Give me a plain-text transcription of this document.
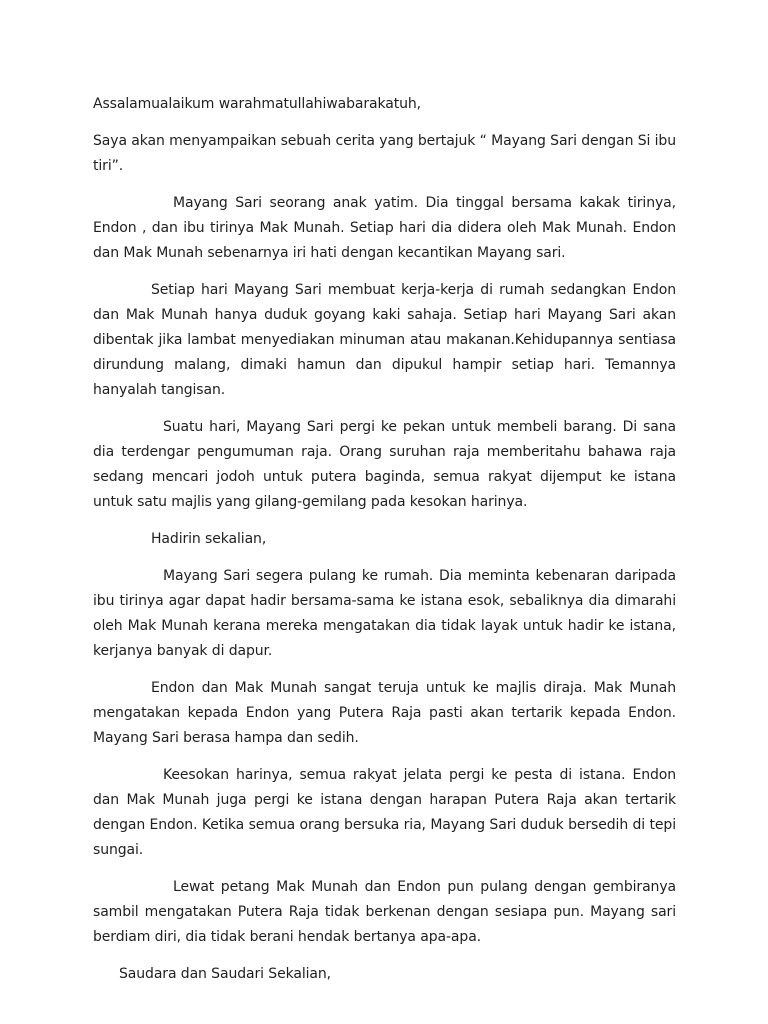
Assalamualaikum warahmatullahiwabarakatuh,

Saya akan menyampaikan sebuah cerita yang bertajuk “ Mayang Sari dengan Si ibu tiri”.

Mayang Sari seorang anak yatim. Dia tinggal bersama kakak tirinya, Endon , dan ibu tirinya Mak Munah. Setiap hari dia didera oleh Mak Munah. Endon dan Mak Munah sebenarnya iri hati dengan kecantikan Mayang sari.

Setiap hari Mayang Sari membuat kerja-kerja di rumah sedangkan Endon dan Mak Munah hanya duduk goyang kaki sahaja. Setiap hari Mayang Sari akan dibentak jika lambat menyediakan minuman atau makanan.Kehidupannya sentiasa dirundung malang, dimaki hamun dan dipukul hampir setiap hari. Temannya hanyalah tangisan.

Suatu hari, Mayang Sari pergi ke pekan untuk membeli barang. Di sana dia terdengar pengumuman raja. Orang suruhan raja memberitahu bahawa raja sedang mencari jodoh untuk putera baginda, semua rakyat dijemput ke istana untuk satu majlis yang gilang-gemilang pada kesokan harinya.

Hadirin sekalian,

Mayang Sari segera pulang ke rumah. Dia meminta kebenaran daripada ibu tirinya agar dapat hadir bersama-sama ke istana esok, sebaliknya dia dimarahi oleh Mak Munah kerana mereka mengatakan dia tidak layak untuk hadir ke istana, kerjanya banyak di dapur.

Endon dan Mak Munah sangat teruja untuk ke majlis diraja. Mak Munah mengatakan kepada Endon yang Putera Raja pasti akan tertarik kepada Endon. Mayang Sari berasa hampa dan sedih.

Keesokan harinya, semua rakyat jelata pergi ke pesta di istana. Endon dan Mak Munah juga pergi ke istana dengan harapan Putera Raja akan tertarik dengan Endon. Ketika semua orang bersuka ria, Mayang Sari duduk bersedih di tepi sungai.

Lewat petang Mak Munah dan Endon pun pulang dengan gembiranya sambil mengatakan Putera Raja tidak berkenan dengan sesiapa pun. Mayang sari berdiam diri, dia tidak berani hendak bertanya apa-apa.

Saudara dan Saudari Sekalian,
